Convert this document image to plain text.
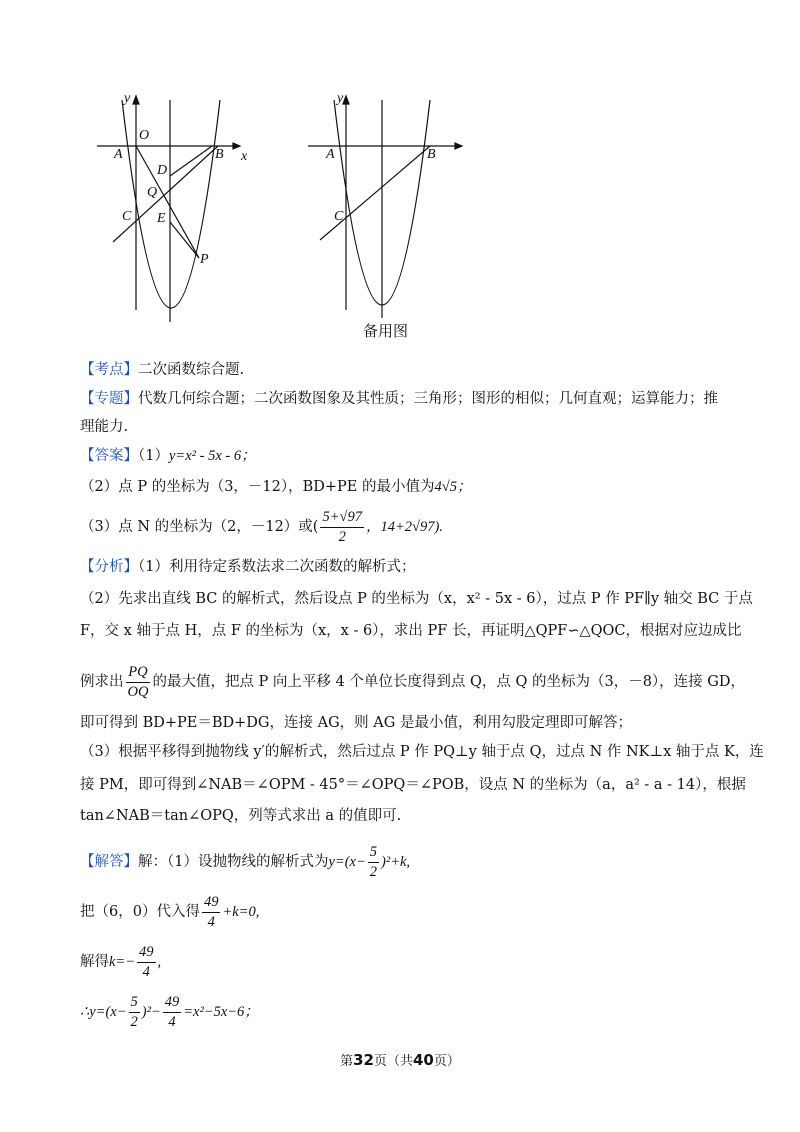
y
x
O
A	B
C
D
Q
E
P
y
A	B
C
备用图
【考点】二次函数综合题.
【专题】代数几何综合题；二次函数图象及其性质；三角形；图形的相似；几何直观；运算能力；推
理能力.
【答案】（1）y=x² - 5x - 6；
（2）点 P 的坐标为（3，－12），BD+PE 的最小值为4√5；
（3）点 N 的坐标为（2，－12）或( $\frac{5+√97}{2}$ ，14+2√97).
【分析】（1）利用待定系数法求二次函数的解析式；
（2）先求出直线 BC 的解析式，然后设点 P 的坐标为（x，x² - 5x - 6），过点 P 作 PF∥y 轴交 BC 于点
F，交 x 轴于点 H，点 F 的坐标为（x，x - 6），求出 PF 长，再证明△QPF∽△QOC，根据对应边成比
例求出 $\frac{PQ}{OQ}$ 的最大值，把点 P 向上平移 4 个单位长度得到点 Q，点 Q 的坐标为（3，－8），连接 GD，
即可得到 BD+PE＝BD+DG，连接 AG，则 AG 是最小值，利用勾股定理即可解答；
（3）根据平移得到抛物线 y′的解析式，然后过点 P 作 PQ⊥y 轴于点 Q，过点 N 作 NK⊥x 轴于点 K，连
接 PM，即可得到∠NAB＝∠OPM - 45°＝∠OPQ＝∠POB，设点 N 的坐标为（a，a² - a - 14），根据
tan∠NAB＝tan∠OPQ，列等式求出 a 的值即可.
【解答】解：（1）设抛物线的解析式为$y=(x- \frac{5}{2} )^2+k$,
把（6，0）代入得 $\frac{49}{4} +k=0$,
解得$k=- \frac{49}{4}$ ,
∴y=(x− $\frac{5}{2} )^2- \frac{49}{4} =x^2-5x-6$；
第32页（共40页）
